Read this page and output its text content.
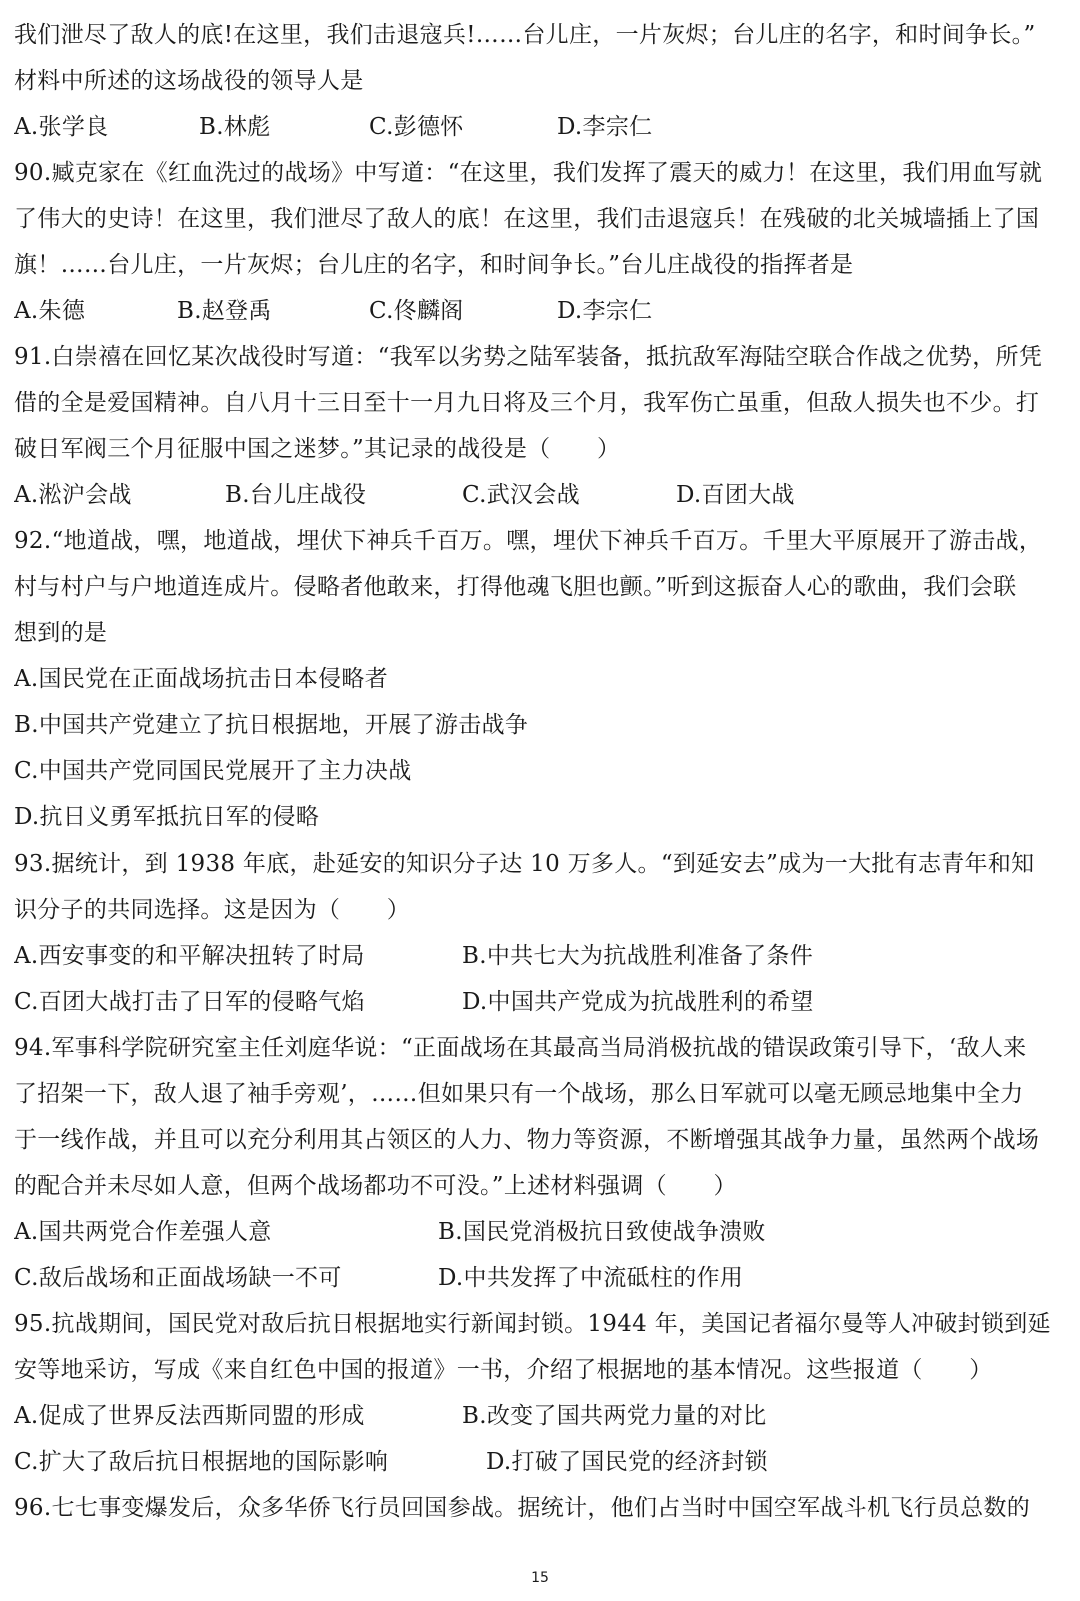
我们泄尽了敌人的底!在这里，我们击退寇兵!……台儿庄，一片灰烬；台儿庄的名字，和时间争长。”
材料中所述的这场战役的领导人是
A.张学良	B.林彪	C.彭德怀	D.李宗仁
90.臧克家在《红血洗过的战场》中写道：“在这里，我们发挥了震天的威力！在这里，我们用血写就
了伟大的史诗！在这里，我们泄尽了敌人的底！在这里，我们击退寇兵！在残破的北关城墙插上了国
旗！……台儿庄，一片灰烬；台儿庄的名字，和时间争长。”台儿庄战役的指挥者是
A.朱德	B.赵登禹	C.佟麟阁	D.李宗仁
91.白崇禧在回忆某次战役时写道：“我军以劣势之陆军装备，抵抗敌军海陆空联合作战之优势，所凭
借的全是爱国精神。自八月十三日至十一月九日将及三个月，我军伤亡虽重，但敌人损失也不少。打
破日军阀三个月征服中国之迷梦。”其记录的战役是（　　）
A.淞沪会战	B.台儿庄战役	C.武汉会战	D.百团大战
92.“地道战，嘿，地道战，埋伏下神兵千百万。嘿，埋伏下神兵千百万。千里大平原展开了游击战，
村与村户与户地道连成片。侵略者他敢来，打得他魂飞胆也颤。”听到这振奋人心的歌曲，我们会联
想到的是
A.国民党在正面战场抗击日本侵略者
B.中国共产党建立了抗日根据地，开展了游击战争
C.中国共产党同国民党展开了主力决战
D.抗日义勇军抵抗日军的侵略
93.据统计，到 1938 年底，赴延安的知识分子达 10 万多人。“到延安去”成为一大批有志青年和知
识分子的共同选择。这是因为（　　）
A.西安事变的和平解决扭转了时局	B.中共七大为抗战胜利准备了条件
C.百团大战打击了日军的侵略气焰	D.中国共产党成为抗战胜利的希望
94.军事科学院研究室主任刘庭华说：“正面战场在其最高当局消极抗战的错误政策引导下，‘敌人来
了招架一下，敌人退了袖手旁观’，……但如果只有一个战场，那么日军就可以毫无顾忌地集中全力
于一线作战，并且可以充分利用其占领区的人力、物力等资源，不断增强其战争力量，虽然两个战场
的配合并未尽如人意，但两个战场都功不可没。”上述材料强调（　　）
A.国共两党合作差强人意	B.国民党消极抗日致使战争溃败
C.敌后战场和正面战场缺一不可	D.中共发挥了中流砥柱的作用
95.抗战期间，国民党对敌后抗日根据地实行新闻封锁。1944 年，美国记者福尔曼等人冲破封锁到延
安等地采访，写成《来自红色中国的报道》一书，介绍了根据地的基本情况。这些报道（　　）
A.促成了世界反法西斯同盟的形成	B.改变了国共两党力量的对比
C.扩大了敌后抗日根据地的国际影响	D.打破了国民党的经济封锁
96.七七事变爆发后，众多华侨飞行员回国参战。据统计，他们占当时中国空军战斗机飞行员总数的
15
